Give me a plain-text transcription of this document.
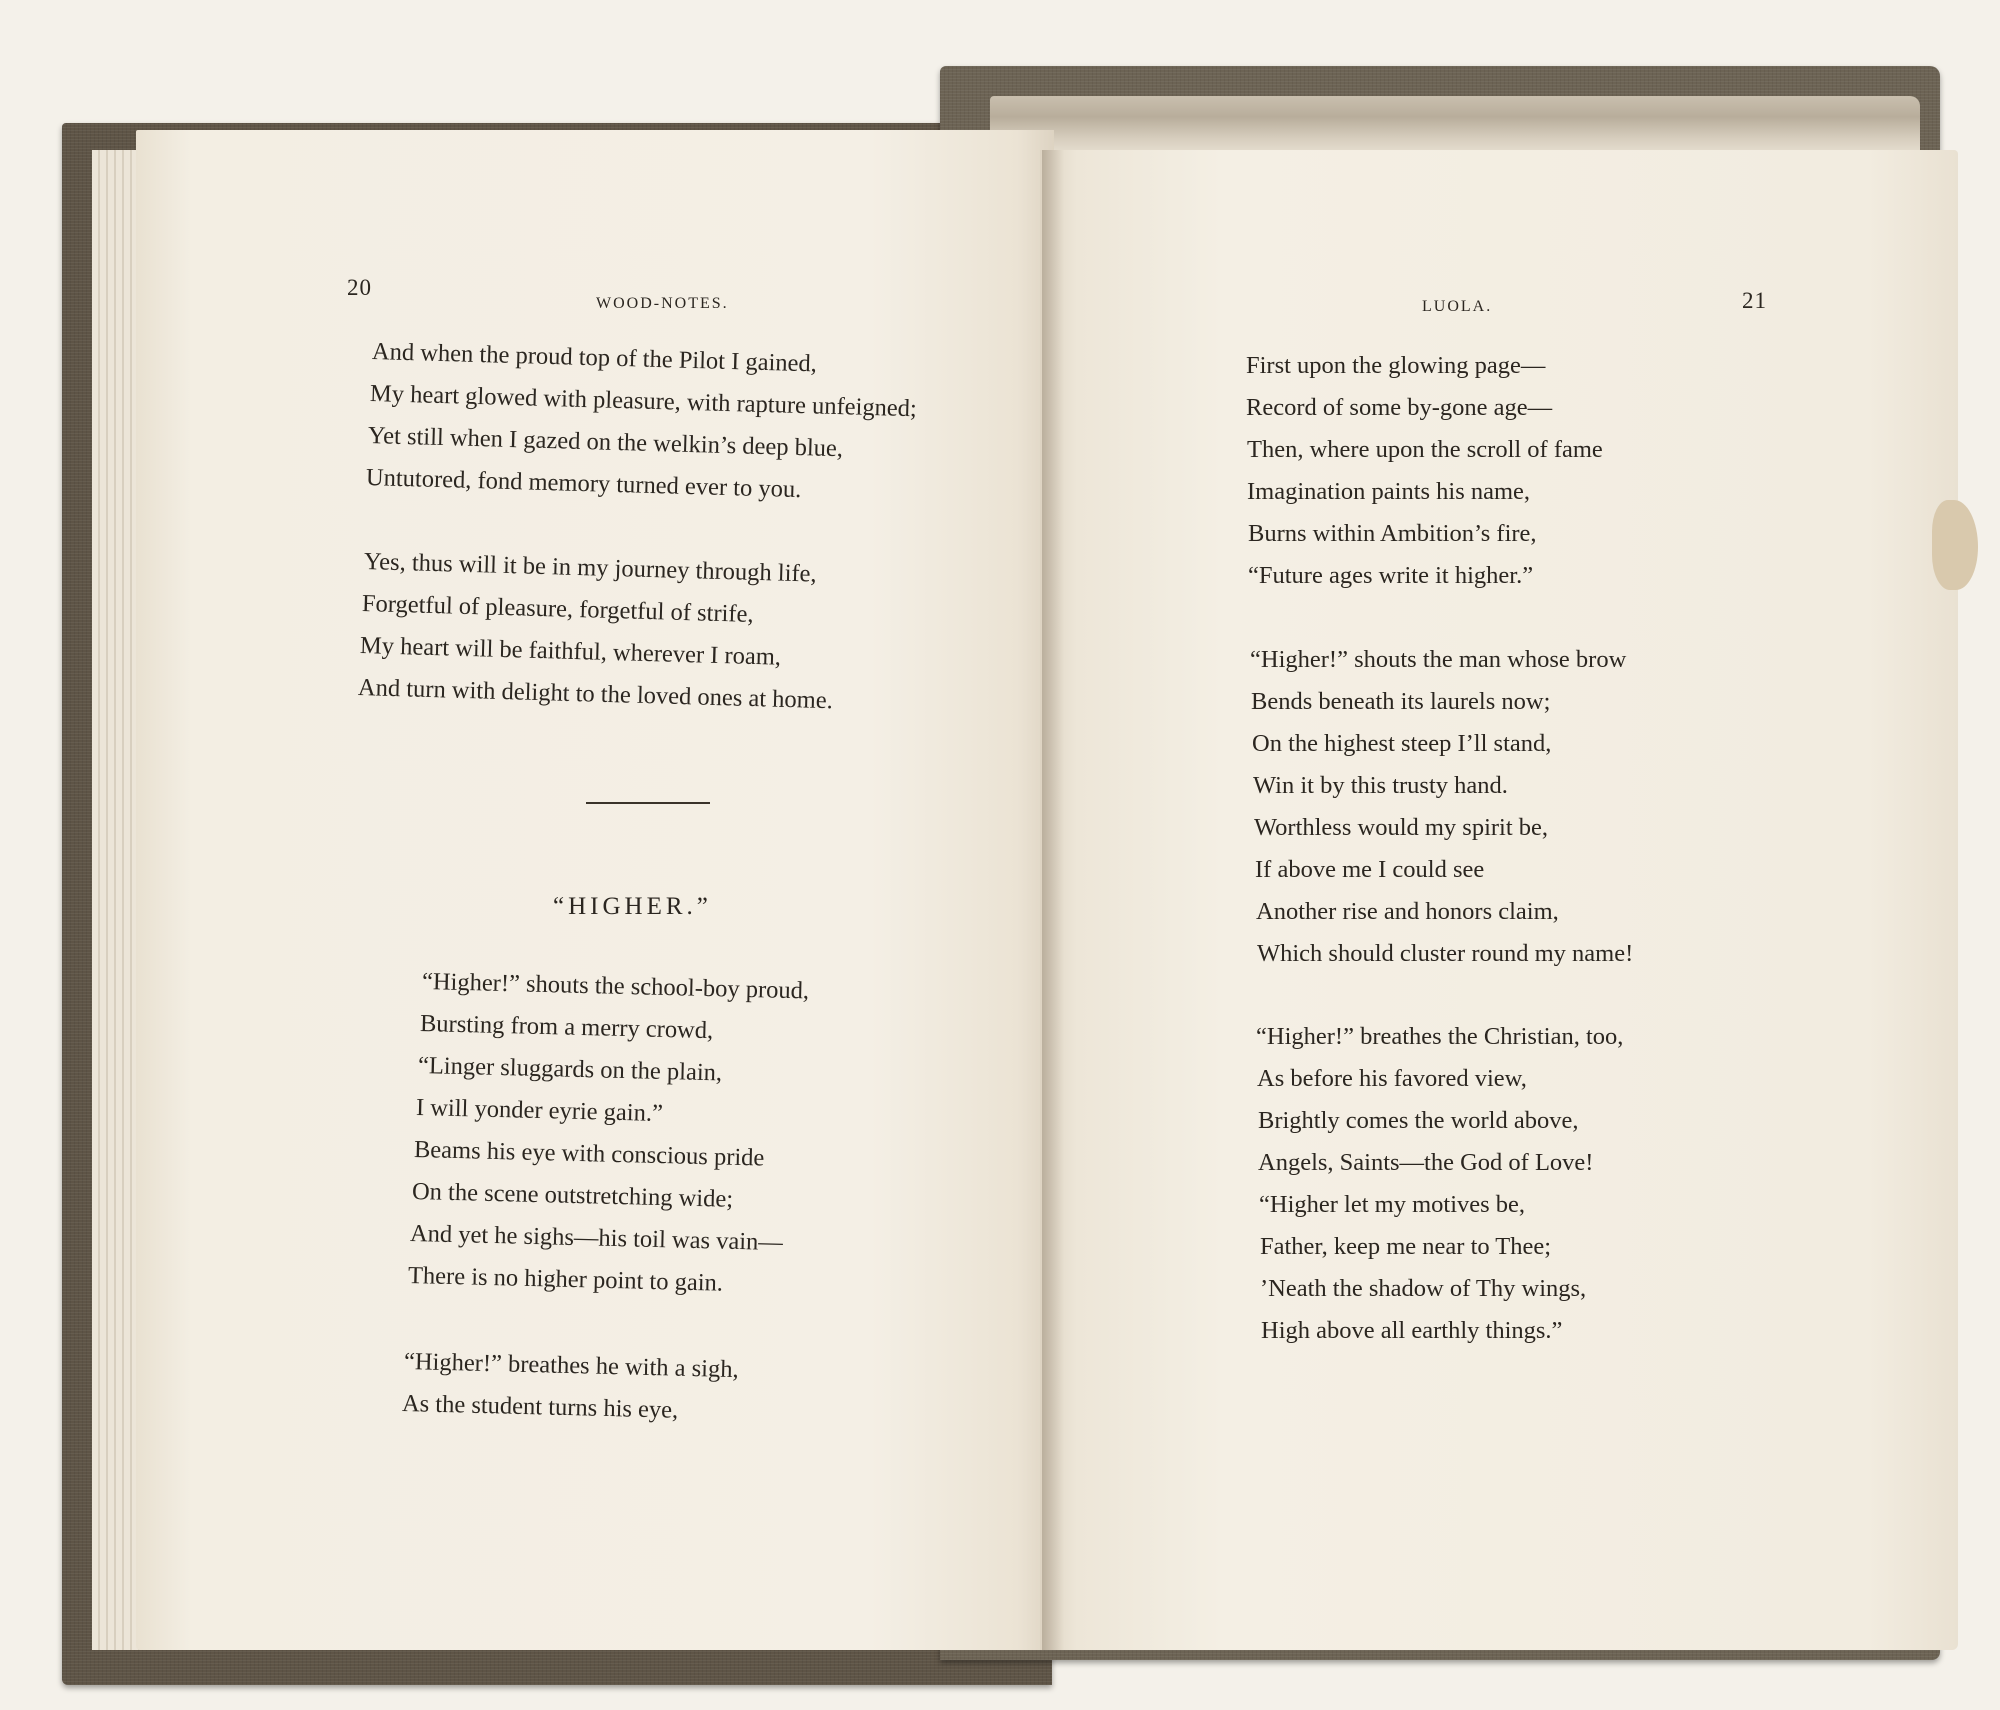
20
WOOD-NOTES.
And when the proud top of the Pilot I gained,
My heart glowed with pleasure, with rapture unfeigned;
Yet still when I gazed on the welkin’s deep blue,
Untutored, fond memory turned ever to you.
Yes, thus will it be in my journey through life,
Forgetful of pleasure, forgetful of strife,
My heart will be faithful, wherever I roam,
And turn with delight to the loved ones at home.
“HIGHER.”
“Higher!” shouts the school-boy proud,
Bursting from a merry crowd,
“Linger sluggards on the plain,
I will yonder eyrie gain.”
Beams his eye with conscious pride
On the scene outstretching wide;
And yet he sighs—his toil was vain—
There is no higher point to gain.
“Higher!” breathes he with a sigh,
As the student turns his eye,
LUOLA.	21
First upon the glowing page—
Record of some by-gone age—
Then, where upon the scroll of fame
Imagination paints his name,
Burns within Ambition’s fire,
“Future ages write it higher.”
“Higher!” shouts the man whose brow
Bends beneath its laurels now;
On the highest steep I’ll stand,
Win it by this trusty hand.
Worthless would my spirit be,
If above me I could see
Another rise and honors claim,
Which should cluster round my name!
“Higher!” breathes the Christian, too,
As before his favored view,
Brightly comes the world above,
Angels, Saints—the God of Love!
“Higher let my motives be,
Father, keep me near to Thee;
’Neath the shadow of Thy wings,
High above all earthly things.”
